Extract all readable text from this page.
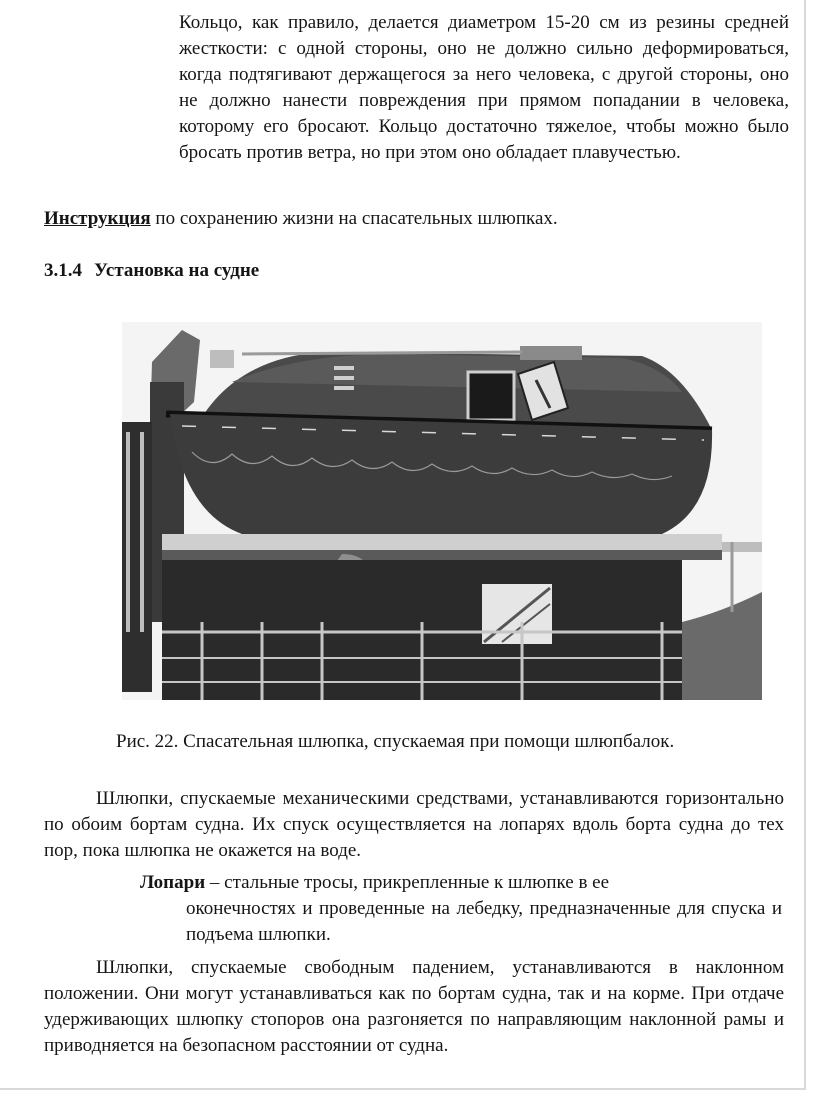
Кольцо, как правило, делается диаметром 15-20 см из резины средней жесткости: с одной стороны, оно не должно сильно деформироваться, когда подтягивают держащегося за него человека, с другой стороны, оно не должно нанести повреждения при прямом попадании в человека, которому его бросают. Кольцо достаточно тяжелое, чтобы можно было бросать против ветра, но при этом оно обладает плавучестью.

Инструкция по сохранению жизни на спасательных шлюпках.

3.1.4 Установка на судне

Рис. 22. Спасательная шлюпка, спускаемая при помощи шлюпбалок.

Шлюпки, спускаемые механическими средствами, устанавливаются горизонтально по обоим бортам судна. Их спуск осуществляется на лопарях вдоль борта судна до тех пор, пока шлюпка не окажется на воде.

Лопари – стальные тросы, прикрепленные к шлюпке в ее
оконечностях и проведенные на лебедку, предназначенные для спуска и подъема шлюпки.

Шлюпки, спускаемые свободным падением, устанавливаются в наклонном положении. Они могут устанавливаться как по бортам судна, так и на корме. При отдаче удерживающих шлюпку стопоров она разгоняется по направляющим наклонной рамы и приводняется на безопасном расстоянии от судна.
